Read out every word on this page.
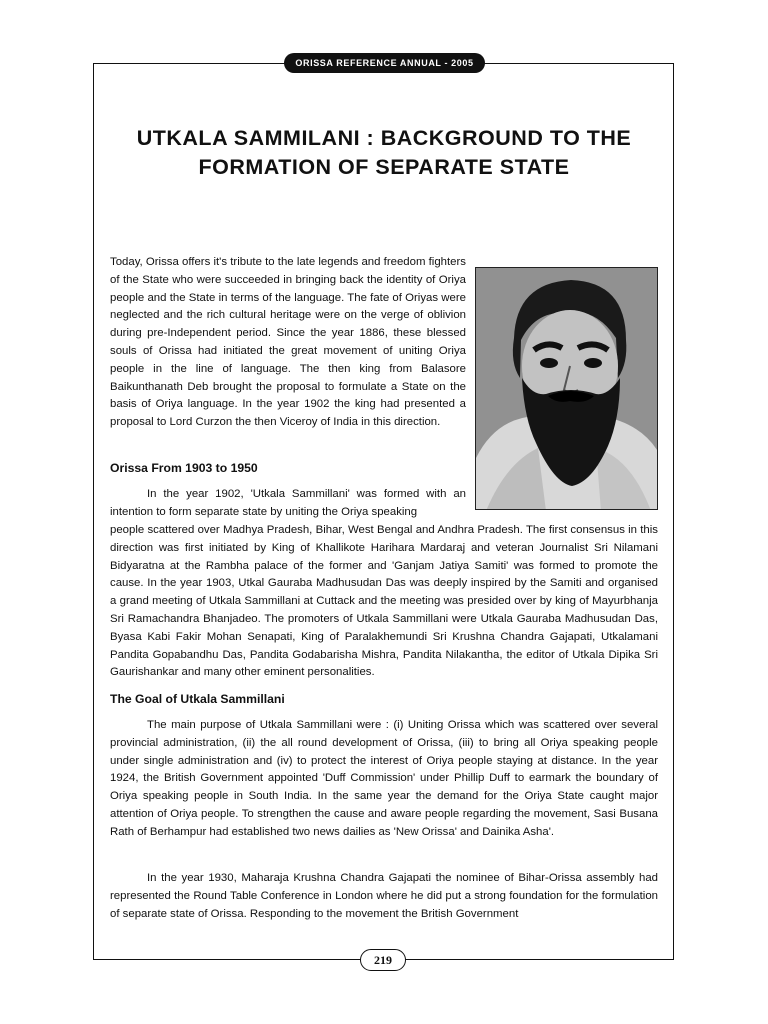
ORISSA REFERENCE ANNUAL - 2005
UTKALA SAMMILANI : BACKGROUND TO THE
FORMATION OF SEPARATE STATE

Today, Orissa offers it's tribute to the late legends and freedom fighters of the State who were succeeded in bringing back the identity of Oriya people and the State in terms of the language. The fate of Oriyas were neglected and the rich cultural heritage were on the verge of oblivion during pre-Independent period. Since the year 1886, these blessed souls of Orissa had initiated the great movement of uniting Oriya people in the line of language. The then king from Balasore Baikunthanath Deb brought the proposal to formulate a State on the basis of Oriya language. In the year 1902 the king had presented a proposal to Lord Curzon the then Viceroy of India in this direction.

Orissa From 1903 to 1950
In the year 1902, 'Utkala Sammillani' was formed with an intention to form separate state by uniting the Oriya speaking
people scattered over Madhya Pradesh, Bihar, West Bengal and Andhra Pradesh. The first consensus in this direction was first initiated by King of Khallikote Harihara Mardaraj and veteran Journalist Sri Nilamani Bidyaratna at the Rambha palace of the former and 'Ganjam Jatiya Samiti' was formed to promote the cause. In the year 1903, Utkal Gauraba Madhusudan Das was deeply inspired by the Samiti and organised a grand meeting of Utkala Sammillani at Cuttack and the meeting was presided over by king of Mayurbhanja Sri Ramachandra Bhanjadeo. The promoters of Utkala Sammillani were Utkala Gauraba Madhusudan Das, Byasa Kabi Fakir Mohan Senapati, King of Paralakhemundi Sri Krushna Chandra Gajapati, Utkalamani Pandita Gopabandhu Das, Pandita Godabarisha Mishra, Pandita Nilakantha, the editor of Utkala Dipika Sri Gaurishankar and many other eminent personalities.
The Goal of Utkala Sammillani
The main purpose of Utkala Sammillani were : (i) Uniting Orissa which was scattered over several provincial administration, (ii) the all round development of Orissa, (iii) to bring all Oriya speaking people under single administration and (iv) to protect the interest of Oriya people staying at distance. In the year 1924, the British Government appointed 'Duff Commission' under Phillip Duff to earmark the boundary of Oriya speaking people in South India. In the same year the demand for the Oriya State caught major attention of Oriya people. To strengthen the cause and aware people regarding the movement, Sasi Busana Rath of Berhampur had established two news dailies as 'New Orissa' and Dainika Asha'.
In the year 1930, Maharaja Krushna Chandra Gajapati the nominee of Bihar-Orissa assembly had represented the Round Table Conference in London where he did put a strong foundation for the formulation of separate state of Orissa. Responding to the movement the British Government
219
